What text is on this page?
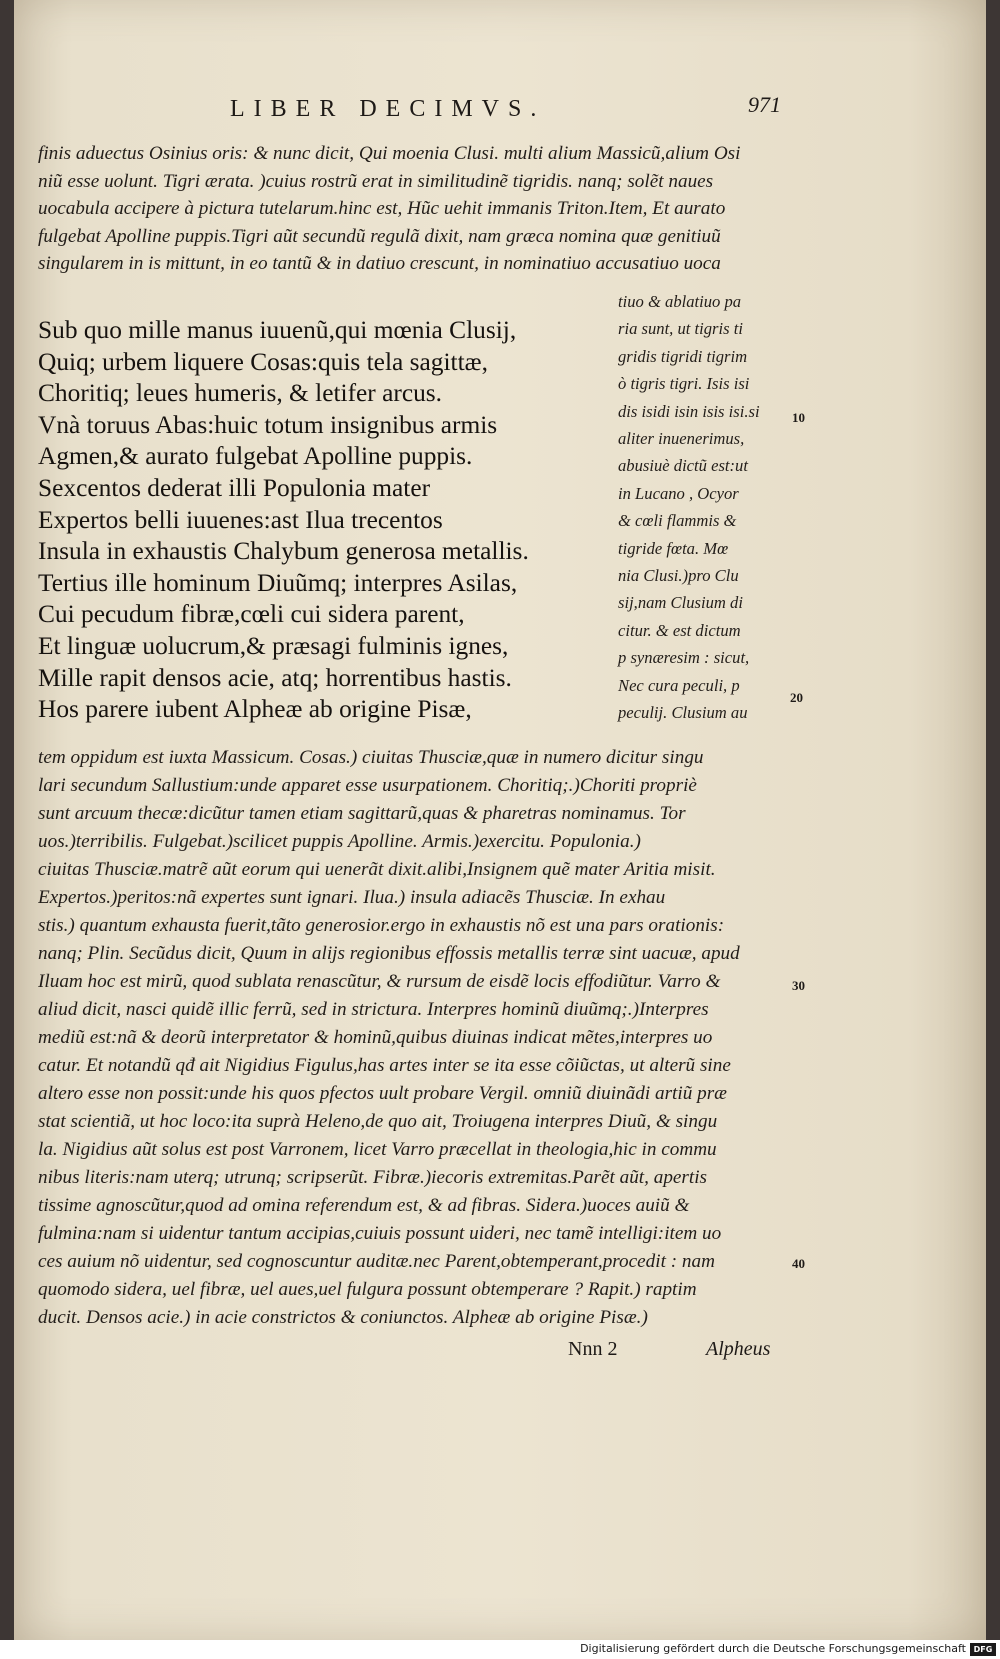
LIBER DECIMVS.	971
finis aduectus Osinius oris: & nunc dicit, Qui moenia Clusi. multi alium Massicũ,alium Osi
niũ esse uolunt. Tigri ærata. )cuius rostrũ erat in similitudinẽ tigridis. nanq; solẽt naues
uocabula accipere à pictura tutelarum.hinc est, Hũc uehit immanis Triton.Item, Et aurato
fulgebat Apolline puppis.Tigri aũt secundũ regulã dixit, nam græca nomina quæ genitiuũ
singularem in is mittunt, in eo tantũ & in datiuo crescunt, in nominatiuo accusatiuo uoca
Sub quo mille manus iuuenũ,qui mœnia Clusij,
Quiq; urbem liquere Cosas:quis tela sagittæ,
Choritiq; leues humeris, & letifer arcus.
Vnà toruus Abas:huic totum insignibus armis
Agmen,& aurato fulgebat Apolline puppis.
Sexcentos dederat illi Populonia mater
Expertos belli iuuenes:ast Ilua trecentos
Insula in exhaustis Chalybum generosa metallis.
Tertius ille hominum Diuũmq; interpres Asilas,
Cui pecudum fibræ,cœli cui sidera parent,
Et linguæ uolucrum,& præsagi fulminis ignes,
Mille rapit densos acie, atq; horrentibus hastis.
Hos parere iubent Alpheæ ab origine Pisæ,
tiuo & ablatiuo pa
ria sunt, ut tigris ti
gridis tigridi tigrim
ò tigris tigri. Isis isi
dis isidi isin isis isi.si
aliter inuenerimus,
abusiuè dictũ est:ut
in Lucano , Ocyor
& cœli flammis &
tigride fœta. Mœ
nia Clusi.)pro Clu
sij,nam Clusium di
citur. & est dictum
p synæresim : sicut,
Nec cura peculi, p
peculij. Clusium au
tem oppidum est iuxta Massicum. Cosas.) ciuitas Thusciæ,quæ in numero dicitur singu
lari secundum Sallustium:unde apparet esse usurpationem. Choritiq;.)Choriti propriè
sunt arcuum thecæ:dicũtur tamen etiam sagittarũ,quas & pharetras nominamus. Tor
uos.)terribilis. Fulgebat.)scilicet puppis Apolline. Armis.)exercitu. Populonia.)
ciuitas Thusciæ.matrẽ aũt eorum qui uenerãt dixit.alibi,Insignem quẽ mater Aritia misit.
Expertos.)peritos:nã expertes sunt ignari. Ilua.) insula adiacẽs Thusciæ. In exhau
stis.) quantum exhausta fuerit,tãto generosior.ergo in exhaustis nõ est una pars orationis:
nanq; Plin. Secũdus dicit, Quum in alijs regionibus effossis metallis terræ sint uacuæ, apud
Iluam hoc est mirũ, quod sublata renascũtur, & rursum de eisdẽ locis effodiũtur. Varro &
aliud dicit, nasci quidẽ illic ferrũ, sed in strictura. Interpres hominũ diuũmq;.)Interpres
mediũ est:nã & deorũ interpretator & hominũ,quibus diuinas indicat mẽtes,interpres uo
catur. Et notandũ qđ ait Nigidius Figulus,has artes inter se ita esse cõiũctas, ut alterũ sine
altero esse non possit:unde his quos pfectos uult probare Vergil. omniũ diuinãdi artiũ præ
stat scientiã, ut hoc loco:ita suprà Heleno,de quo ait, Troiugena interpres Diuũ, & singu
la. Nigidius aũt solus est post Varronem, licet Varro præcellat in theologia,hic in commu
nibus literis:nam uterq; utrunq; scripserũt. Fibræ.)iecoris extremitas.Parẽt aũt, apertis
tissime agnoscũtur,quod ad omina referendum est, & ad fibras. Sidera.)uoces auiũ &
fulmina:nam si uidentur tantum accipias,cuiuis possunt uideri, nec tamẽ intelligi:item uo
ces auium nõ uidentur, sed cognoscuntur auditæ.nec Parent,obtemperant,procedit : nam
quomodo sidera, uel fibræ, uel aues,uel fulgura possunt obtemperare ? Rapit.) raptim
ducit. Densos acie.) in acie constrictos & coniunctos. Alpheæ ab origine Pisæ.)
10
20
30
40
Nnn 2	Alpheus
Digitalisierung gefördert durch die Deutsche Forschungsgemeinschaft DFG
